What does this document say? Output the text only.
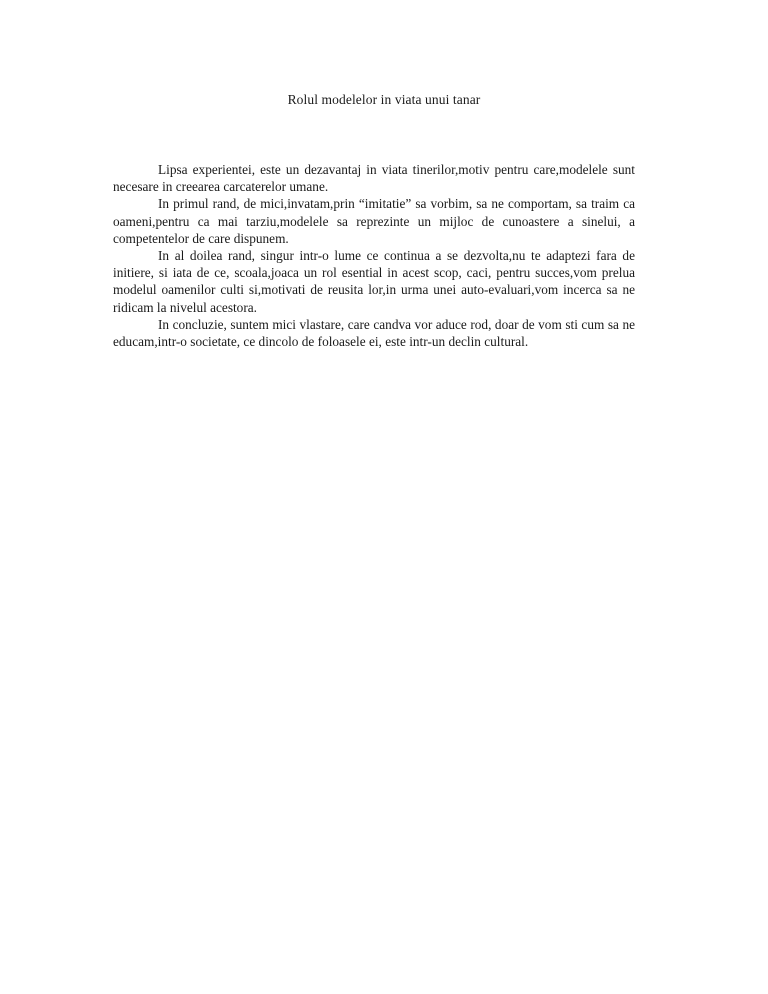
Rolul modelelor in viata unui tanar

Lipsa experientei, este un dezavantaj in viata tinerilor,motiv pentru care,modelele sunt necesare in creearea carcaterelor umane.

In primul rand, de mici,invatam,prin “imitatie” sa vorbim, sa ne comportam, sa traim ca oameni,pentru ca mai tarziu,modelele sa reprezinte un mijloc de cunoastere a sinelui, a competentelor de care dispunem.

In al doilea rand, singur intr-o lume ce continua a se dezvolta,nu te adaptezi fara de initiere, si iata de ce, scoala,joaca un rol esential in acest scop, caci, pentru succes,vom prelua modelul oamenilor culti si,motivati de reusita lor,in urma unei auto-evaluari,vom incerca sa ne ridicam la nivelul acestora.

In concluzie, suntem mici vlastare, care candva vor aduce rod, doar de vom sti cum sa ne educam,intr-o societate, ce dincolo de foloasele ei, este intr-un declin cultural.
